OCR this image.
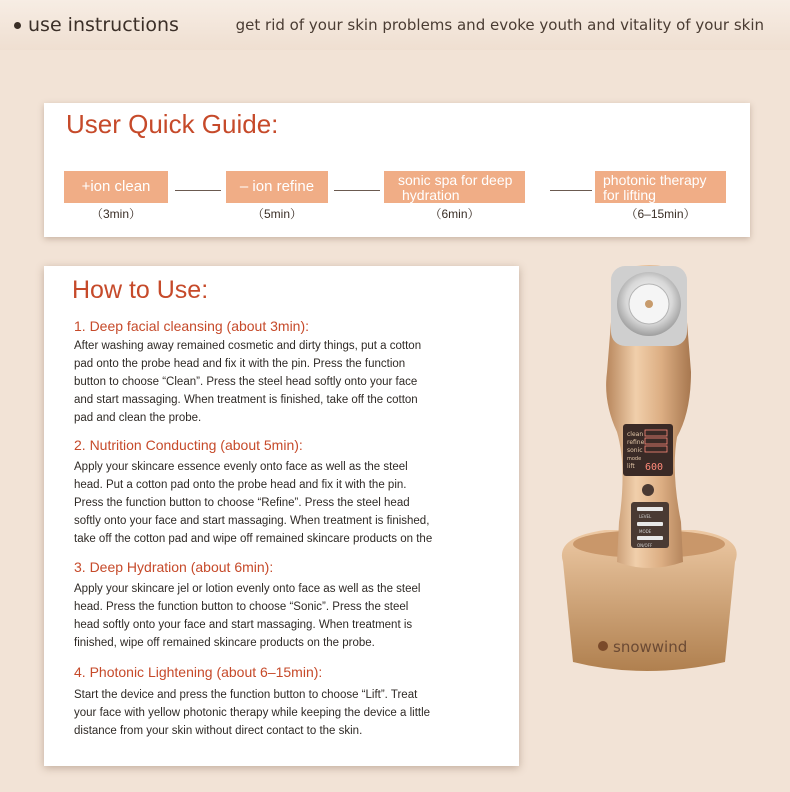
use instructions	get rid of your skin problems and evoke youth and vitality of your skin
User Quick Guide:
+ion clean
（3min）
– ion refine
（5min）
sonic spa for deep
hydration
（6min）
photonic therapy
for lifting
（6–15min）
How to Use:
1. Deep facial cleansing (about 3min):
After washing away remained cosmetic and dirty things, put a cotton
pad onto the probe head and fix it with the pin. Press the function
button to choose “Clean”. Press the steel head softly onto your face
and start massaging. When treatment is finished, take off the cotton
pad and clean the probe.
2. Nutrition Conducting (about 5min):
Apply your skincare essence evenly onto face as well as the steel
head. Put a cotton pad onto the probe head and fix it with the pin.
Press the function button to choose “Refine”. Press the steel head
softly onto your face and start massaging. When treatment is finished,
take off the cotton pad and wipe off remained skincare products on the
3. Deep Hydration (about 6min):
Apply your skincare jel or lotion evenly onto face as well as the steel
head. Press the function button to choose “Sonic”. Press the steel
head softly onto your face and start massaging. When treatment is
finished, wipe off remained skincare products on the probe.
4. Photonic Lightening (about 6–15min):
Start the device and press the function button to choose “Lift”. Treat
your face with yellow photonic therapy while keeping the device a little
distance from your skin without direct contact to the skin.
clean
refine
sonic
mode
lift 600
LEVEL
MODE
ON/OFF
snowwind
